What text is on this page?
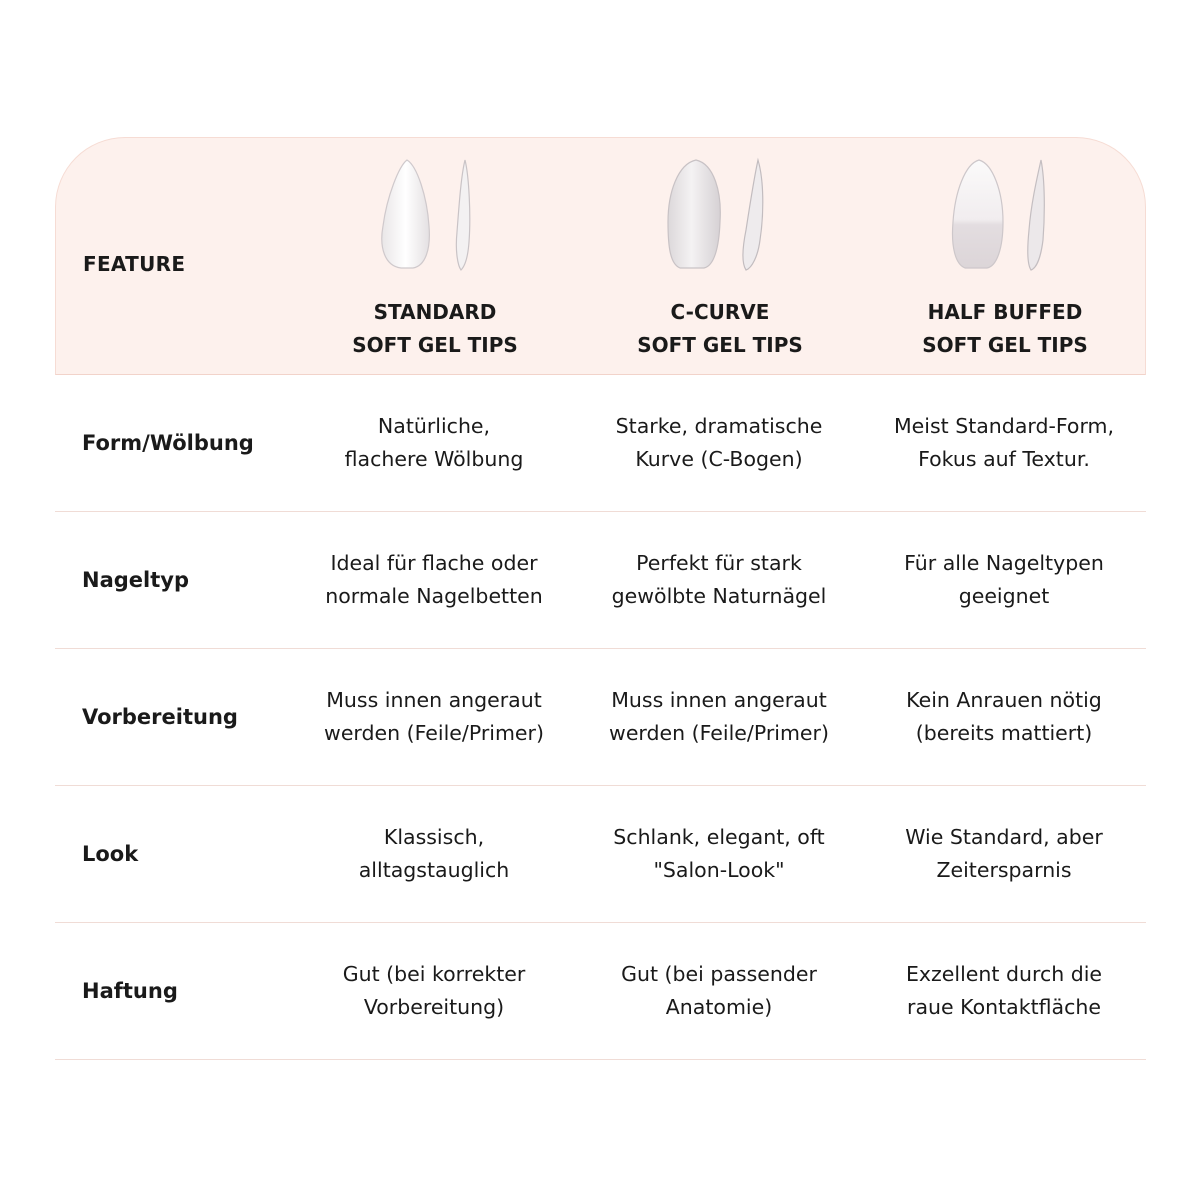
FEATURE
STANDARD
SOFT GEL TIPS
C-CURVE
SOFT GEL TIPS
HALF BUFFED
SOFT GEL TIPS
Form/Wölbung
Natürliche,
flachere Wölbung
Starke, dramatische
Kurve (C-Bogen)
Meist Standard-Form,
Fokus auf Textur.
Nageltyp
Ideal für flache oder
normale Nagelbetten
Perfekt für stark
gewölbte Naturnägel
Für alle Nageltypen
geeignet
Vorbereitung
Muss innen angeraut
werden (Feile/Primer)
Muss innen angeraut
werden (Feile/Primer)
Kein Anrauen nötig
(bereits mattiert)
Look
Klassisch,
alltagstauglich
Schlank, elegant, oft
"Salon-Look"
Wie Standard, aber
Zeitersparnis
Haftung
Gut (bei korrekter
Vorbereitung)
Gut (bei passender
Anatomie)
Exzellent durch die
raue Kontaktfläche
